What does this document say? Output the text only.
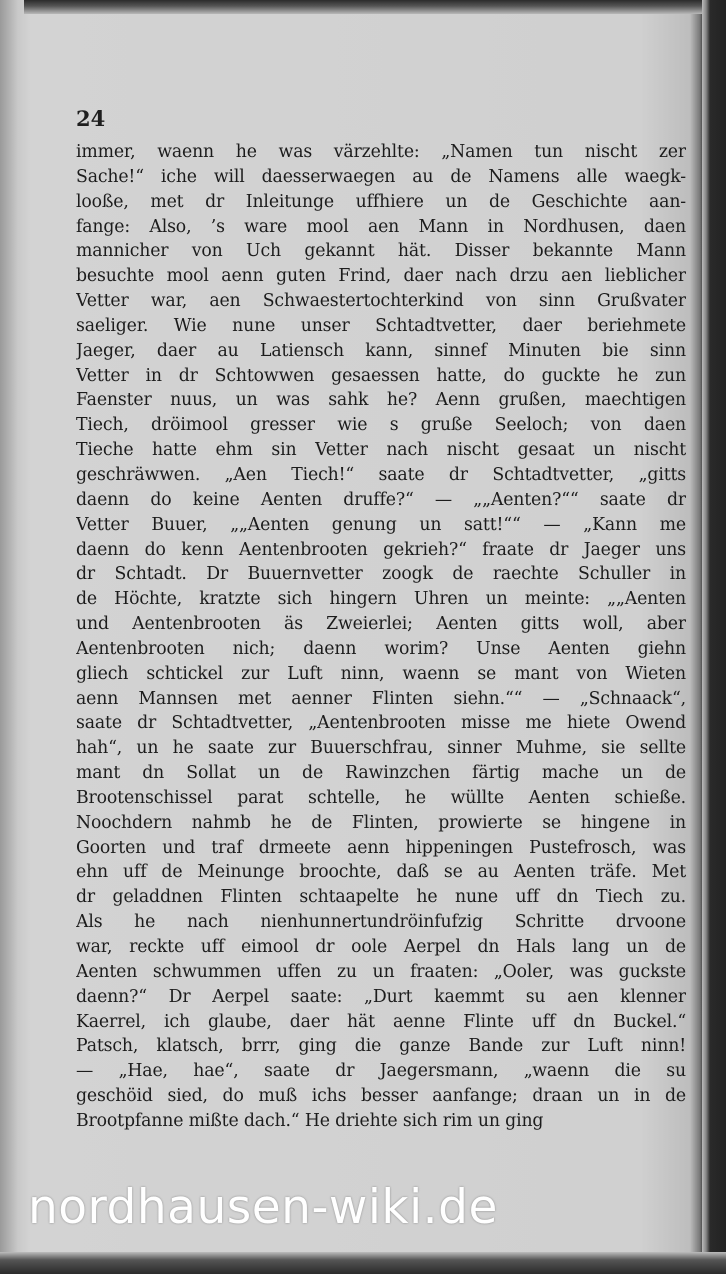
24
immer, waenn he was värzehlte: „Namen tun nischt zer
Sache!“ iche will daesserwaegen au de Namens alle waegk-
looße, met dr Inleitunge uffhiere un de Geschichte aan-
fange: Also, ’s ware mool aen Mann in Nordhusen, daen
mannicher von Uch gekannt hät. Disser bekannte Mann
besuchte mool aenn guten Frind, daer nach drzu aen lieblicher
Vetter war, aen Schwaestertochterkind von sinn Grußvater
saeliger. Wie nune unser Schtadtvetter, daer beriehmete
Jaeger, daer au Latiensch kann, sinnef Minuten bie sinn
Vetter in dr Schtowwen gesaessen hatte, do guckte he zun
Faenster nuus, un was sahk he? Aenn grußen, maechtigen
Tiech, dröimool gresser wie s gruße Seeloch; von daen
Tieche hatte ehm sin Vetter nach nischt gesaat un nischt
geschräwwen. „Aen Tiech!“ saate dr Schtadtvetter, „gitts
daenn do keine Aenten druffe?“ — „„Aenten?““ saate dr
Vetter Buuer, „„Aenten genung un satt!““ — „Kann me
daenn do kenn Aentenbrooten gekrieh?“ fraate dr Jaeger uns
dr Schtadt. Dr Buuernvetter zoogk de raechte Schuller in
de Höchte, kratzte sich hingern Uhren un meinte: „„Aenten
und Aentenbrooten äs Zweierlei; Aenten gitts woll, aber
Aentenbrooten nich; daenn worim? Unse Aenten giehn
gliech schtickel zur Luft ninn, waenn se mant von Wieten
aenn Mannsen met aenner Flinten siehn.““ — „Schnaack“,
saate dr Schtadtvetter, „Aentenbrooten misse me hiete Owend
hah“, un he saate zur Buuerschfrau, sinner Muhme, sie sellte
mant dn Sollat un de Rawinzchen färtig mache un de
Brootenschissel parat schtelle, he wüllte Aenten schieße.
Noochdern nahmb he de Flinten, prowierte se hingene in
Goorten und traf drmeete aenn hippeningen Pustefrosch, was
ehn uff de Meinunge broochte, daß se au Aenten träfe. Met
dr geladdnen Flinten schtaapelte he nune uff dn Tiech zu.
Als he nach nienhunnertundröinfufzig Schritte drvoone
war, reckte uff eimool dr oole Aerpel dn Hals lang un de
Aenten schwummen uffen zu un fraaten: „Ooler, was guckste
daenn?“ Dr Aerpel saate: „Durt kaemmt su aen klenner
Kaerrel, ich glaube, daer hät aenne Flinte uff dn Buckel.“
Patsch, klatsch, brrr, ging die ganze Bande zur Luft ninn!
— „Hae, hae“, saate dr Jaegersmann, „waenn die su
geschöid sied, do muß ichs besser aanfange; draan un in de
Brootpfanne mißte dach.“ He driehte sich rim un ging
nordhausen-wiki.de
